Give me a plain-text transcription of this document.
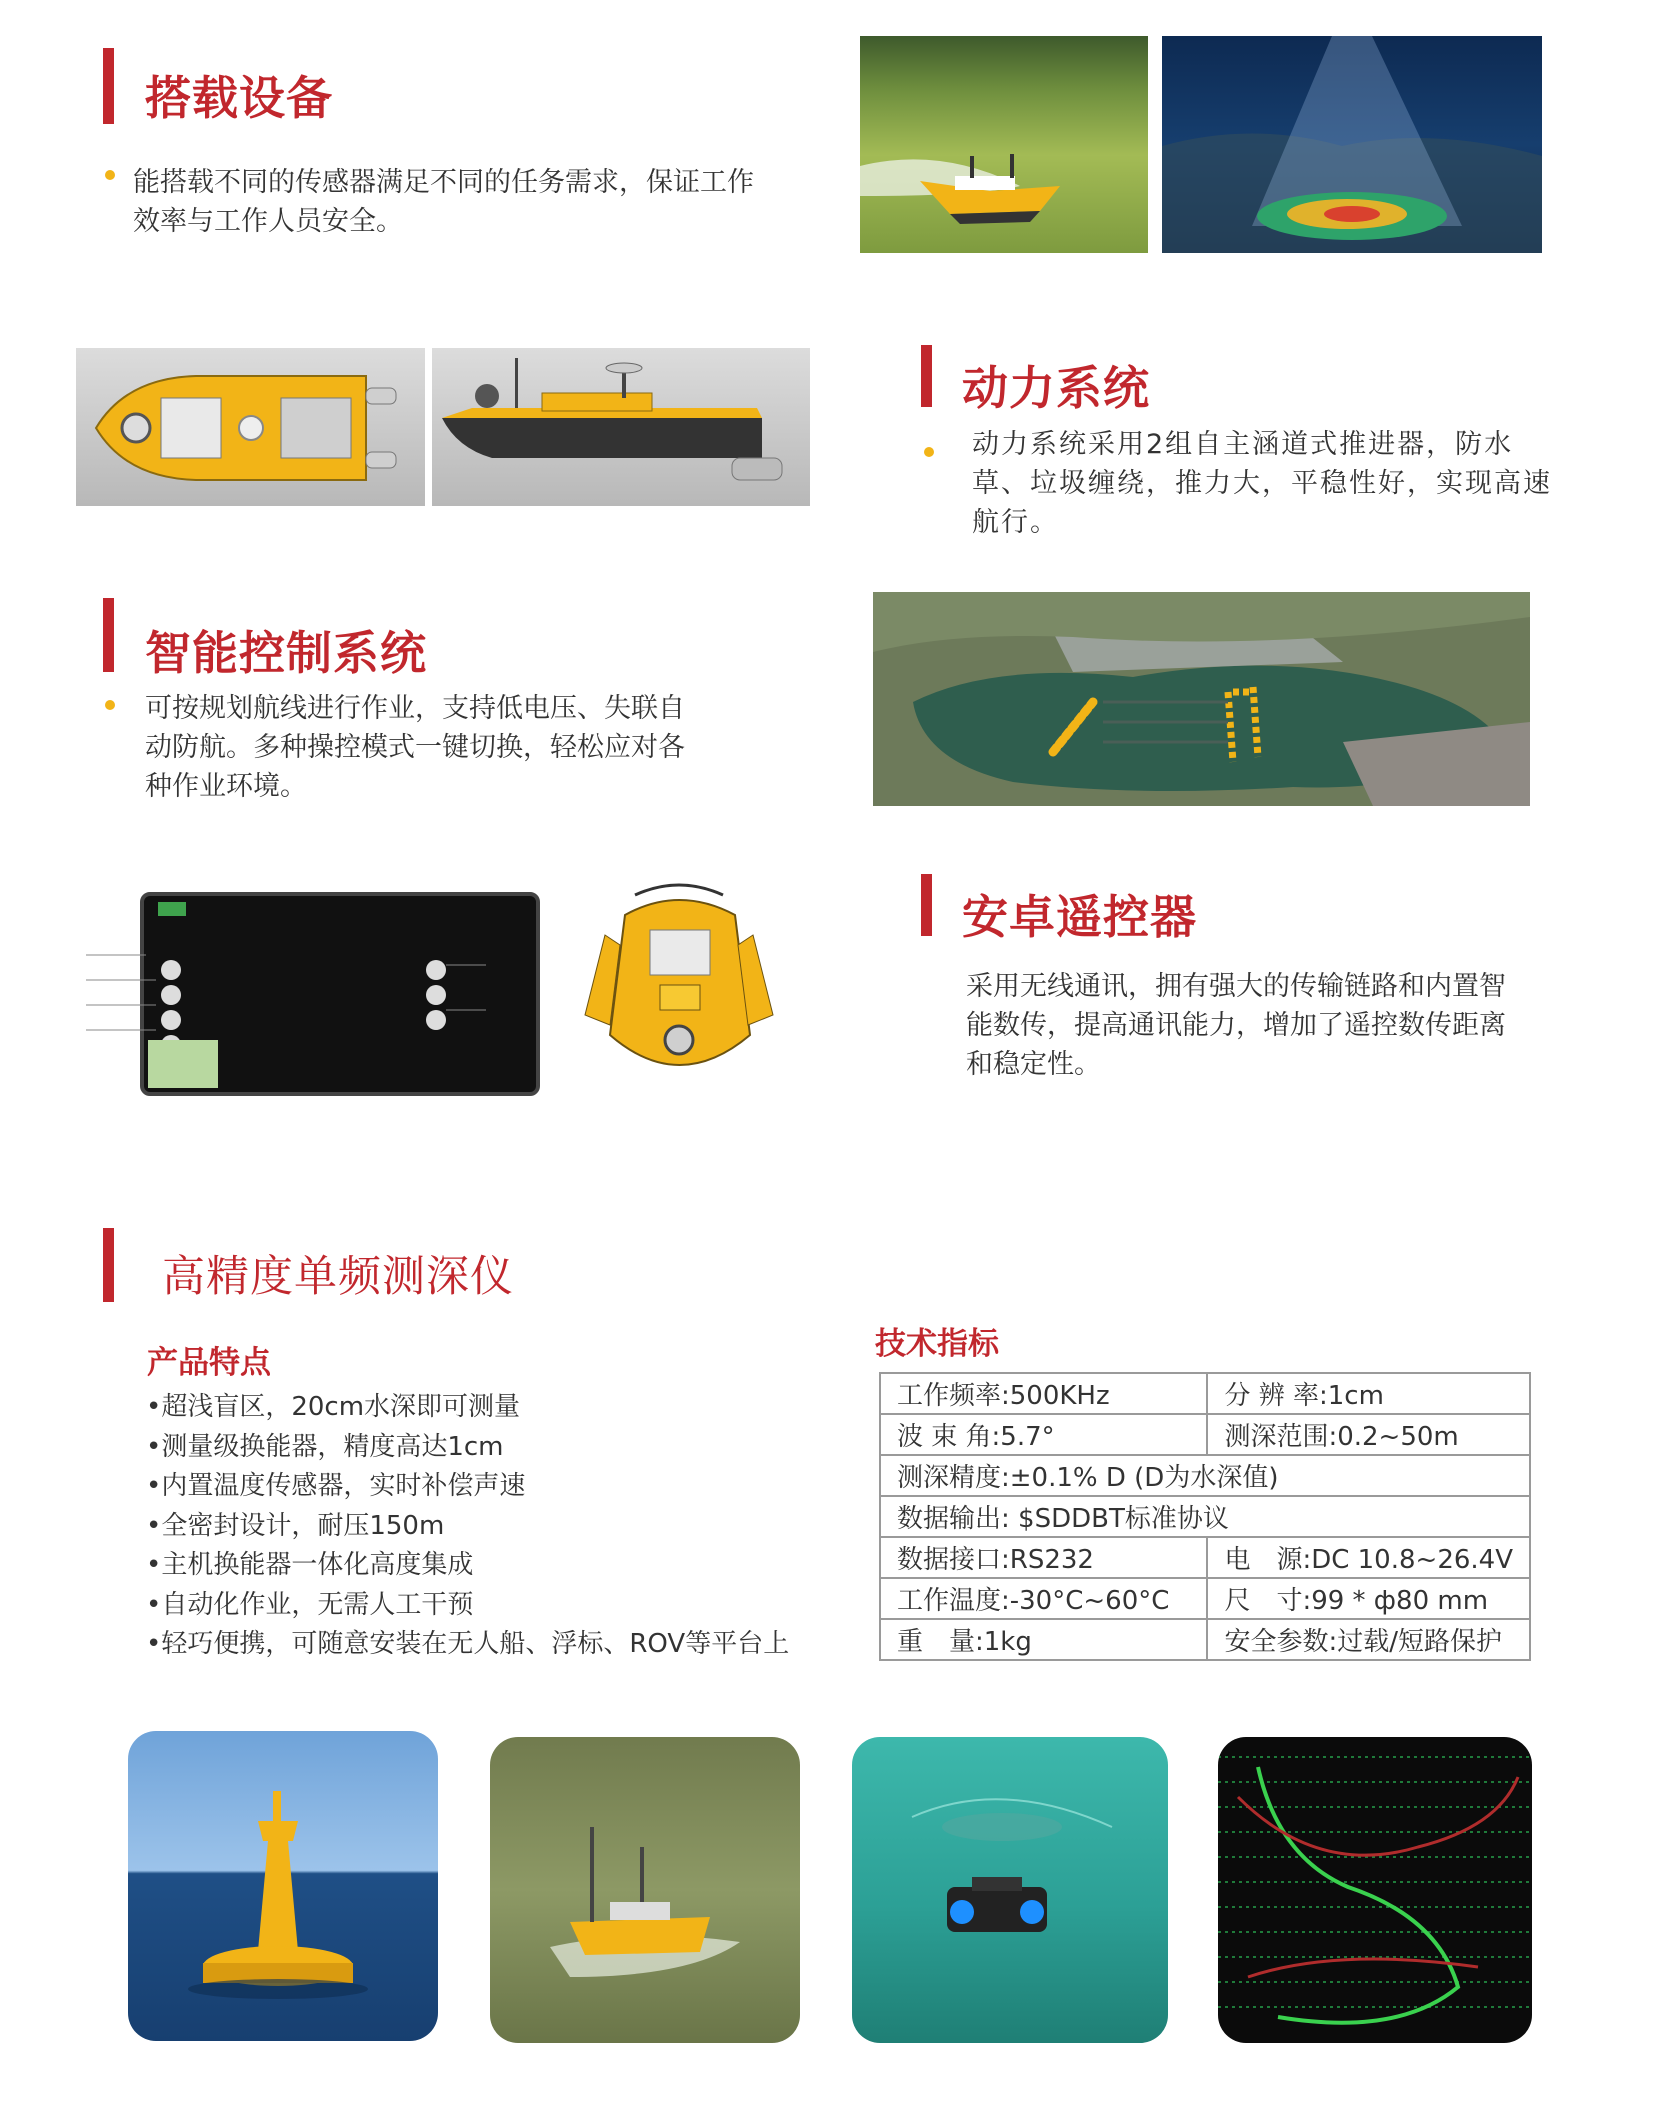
搭载设备
能搭载不同的传感器满足不同的任务需求，保证工作
效率与工作人员安全。
动力系统
动力系统采用2组自主涵道式推进器，防水
草、垃圾缠绕，推力大，平稳性好，实现高速
航行。
智能控制系统
可按规划航线进行作业，支持低电压、失联自
动防航。多种操控模式一键切换，轻松应对各
种作业环境。
安卓遥控器
采用无线通讯，拥有强大的传输链路和内置智
能数传，提高通讯能力，增加了遥控数传距离
和稳定性。
高精度单频测深仪
产品特点
•超浅盲区，20cm水深即可测量
•测量级换能器，精度高达1cm
•内置温度传感器，实时补偿声速
•全密封设计，耐压150m
•主机换能器一体化高度集成
•自动化作业，无需人工干预
•轻巧便携，可随意安装在无人船、浮标、ROV等平台上
技术指标
工作频率:500KHz	分 辨 率:1cm
波 束 角:5.7°	测深范围:0.2~50m
测深精度:±0.1% D (D为水深值)	
数据输出: $SDDBT标准协议	
数据接口:RS232	电　源:DC 10.8~26.4V
工作温度:-30°C~60°C	尺　寸:99 * ф80 mm
重　量:1kg	安全参数:过载/短路保护
